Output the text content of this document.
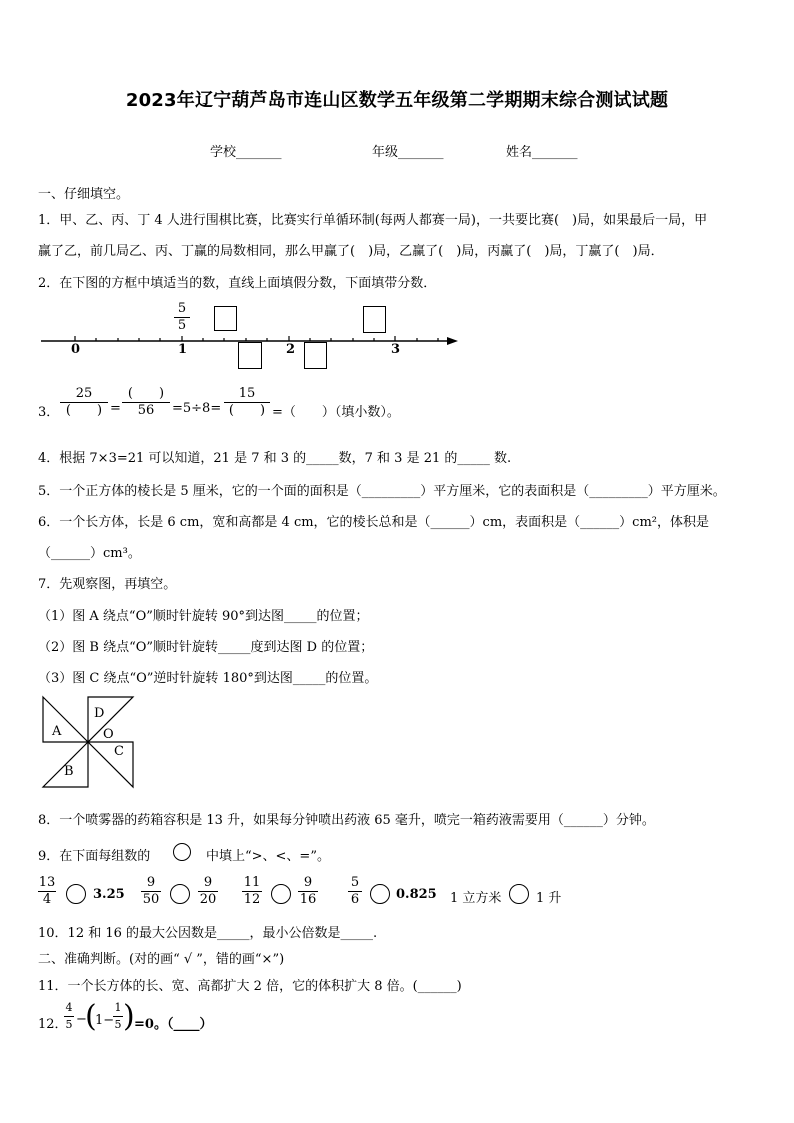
2023年辽宁葫芦岛市连山区数学五年级第二学期期末综合测试试题
学校_______	年级_______	姓名_______
一、仔细填空。
1．甲、乙、丙、丁 4 人进行围棋比赛，比赛实行单循环制(每两人都赛一局)，一共要比赛(　)局，如果最后一局，甲
赢了乙，前几局乙、丙、丁赢的局数相同，那么甲赢了(　)局，乙赢了(　)局，丙赢了(　)局，丁赢了(　)局．
2．在下图的方框中填适当的数，直线上面填假分数，下面填带分数．
0	1	2	3
5
5
3．
25
(　　) =
(　　)
56	=5÷8=
15
(　　) =（　　）（填小数）。
4．根据 7×3=21 可以知道，21 是 7 和 3 的_____数，7 和 3 是 21 的_____ 数.
5．一个正方体的棱长是 5 厘米，它的一个面的面积是（_________）平方厘米，它的表面积是（_________）平方厘米。
6．一个长方体，长是 6 cm，宽和高都是 4 cm，它的棱长总和是（______）cm，表面积是（______）cm²，体积是
（______）cm³。
7．先观察图，再填空。
（1）图 A 绕点“O”顺时针旋转 90°到达图_____的位置；
（2）图 B 绕点“O”顺时针旋转_____度到达图 D 的位置；
（3）图 C 绕点“O”逆时针旋转 180°到达图_____的位置。
A
B
C
D
O
8．一个喷雾器的药箱容积是 13 升，如果每分钟喷出药液 65 毫升，喷完一箱药液需要用（______）分钟。
9．在下面每组数的	中填上“>、<、=”。
13
4	3.25
9
50
9
20
11
12
9
16
5
6	0.825 1 立方米	1 升
10．12 和 16 的最大公因数是_____，最小公倍数是_____.
二、准确判断。(对的画“ √ ”，错的画“×”)
11．一个长方体的长、宽、高都扩大 2 倍，它的体积扩大 8 倍。(______)
12．
4
5 −
(
1−
1
5 ) =0。（____）
